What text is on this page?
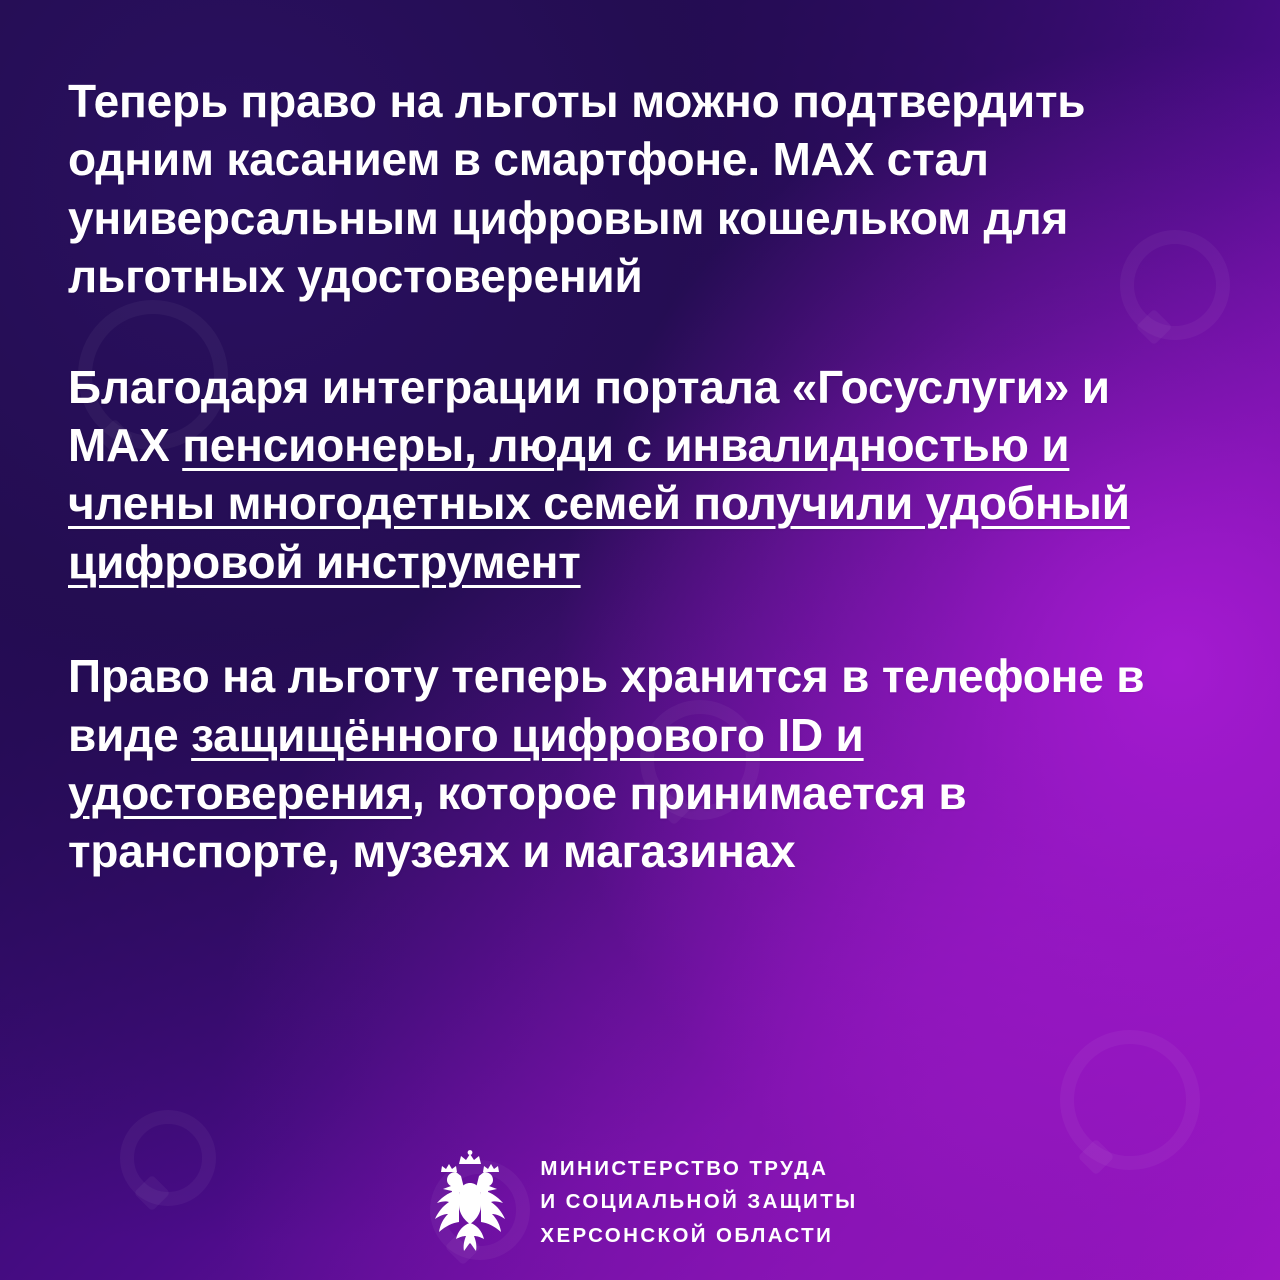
Теперь право на льготы можно подтвердить одним касанием в смартфоне. MAX стал универсальным цифровым кошельком для льготных удостоверений

Благодаря интеграции портала «Госуслуги» и MAX пенсионеры, люди с инвалидностью и члены многодетных семей получили удобный цифровой инструмент

Право на льготу теперь хранится в телефоне в виде защищённого цифрового ID и удостоверения, которое принимается в транспорте, музеях и магазинах

МИНИСТЕРСТВО ТРУДА
И СОЦИАЛЬНОЙ ЗАЩИТЫ
ХЕРСОНСКОЙ ОБЛАСТИ
